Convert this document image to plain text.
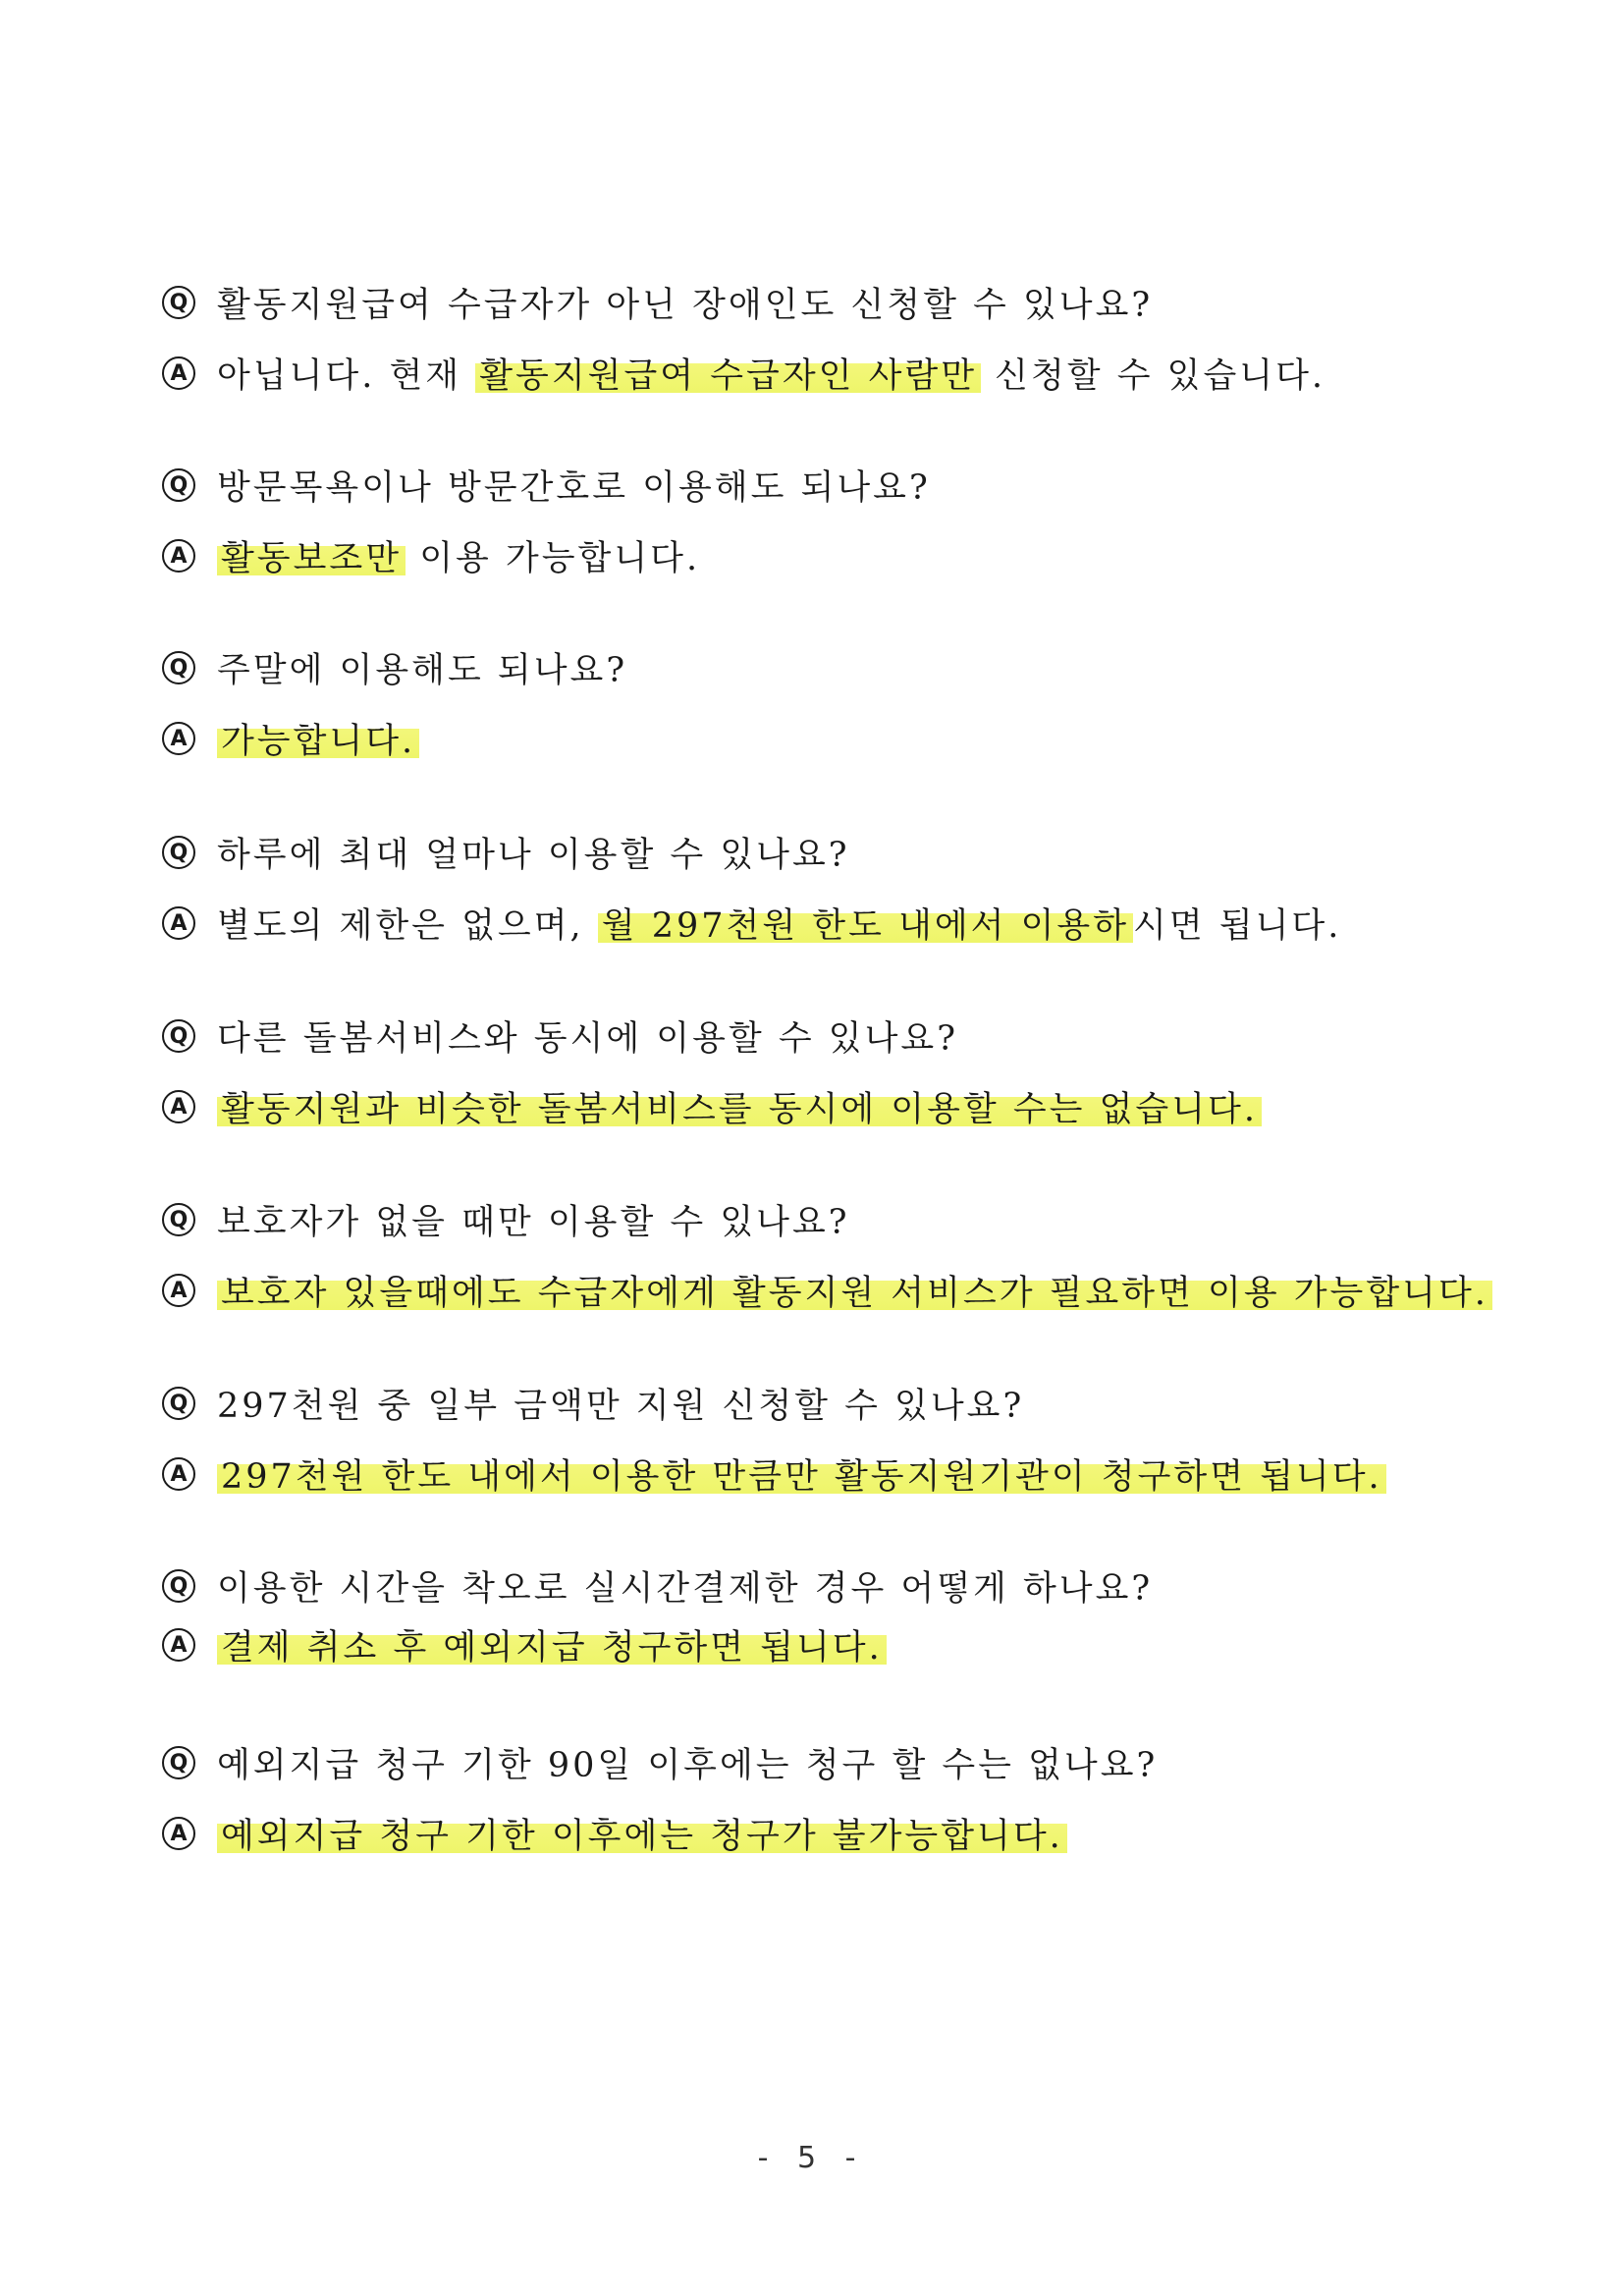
Q 활동지원급여 수급자가 아닌 장애인도 신청할 수 있나요?
A 아닙니다. 현재 활동지원급여 수급자인 사람만 신청할 수 있습니다.
Q 방문목욕이나 방문간호로 이용해도 되나요?
A 활동보조만 이용 가능합니다.
Q 주말에 이용해도 되나요?
A 가능합니다.
Q 하루에 최대 얼마나 이용할 수 있나요?
A 별도의 제한은 없으며, 월 297천원 한도 내에서 이용하 시면 됩니다.
Q 다른 돌봄서비스와 동시에 이용할 수 있나요?
A 활동지원과 비슷한 돌봄서비스를 동시에 이용할 수는 없습니다.
Q 보호자가 없을 때만 이용할 수 있나요?
A 보호자 있을때에도 수급자에게 활동지원 서비스가 필요하면 이용 가능합니다.
Q 297천원 중 일부 금액만 지원 신청할 수 있나요?
A 297천원 한도 내에서 이용한 만큼만 활동지원기관이 청구하면 됩니다.
Q 이용한 시간을 착오로 실시간결제한 경우 어떻게 하나요?
A 결제 취소 후 예외지급 청구하면 됩니다.
Q 예외지급 청구 기한 90일 이후에는 청구 할 수는 없나요?
A 예외지급 청구 기한 이후에는 청구가 불가능합니다.
- 5 -
